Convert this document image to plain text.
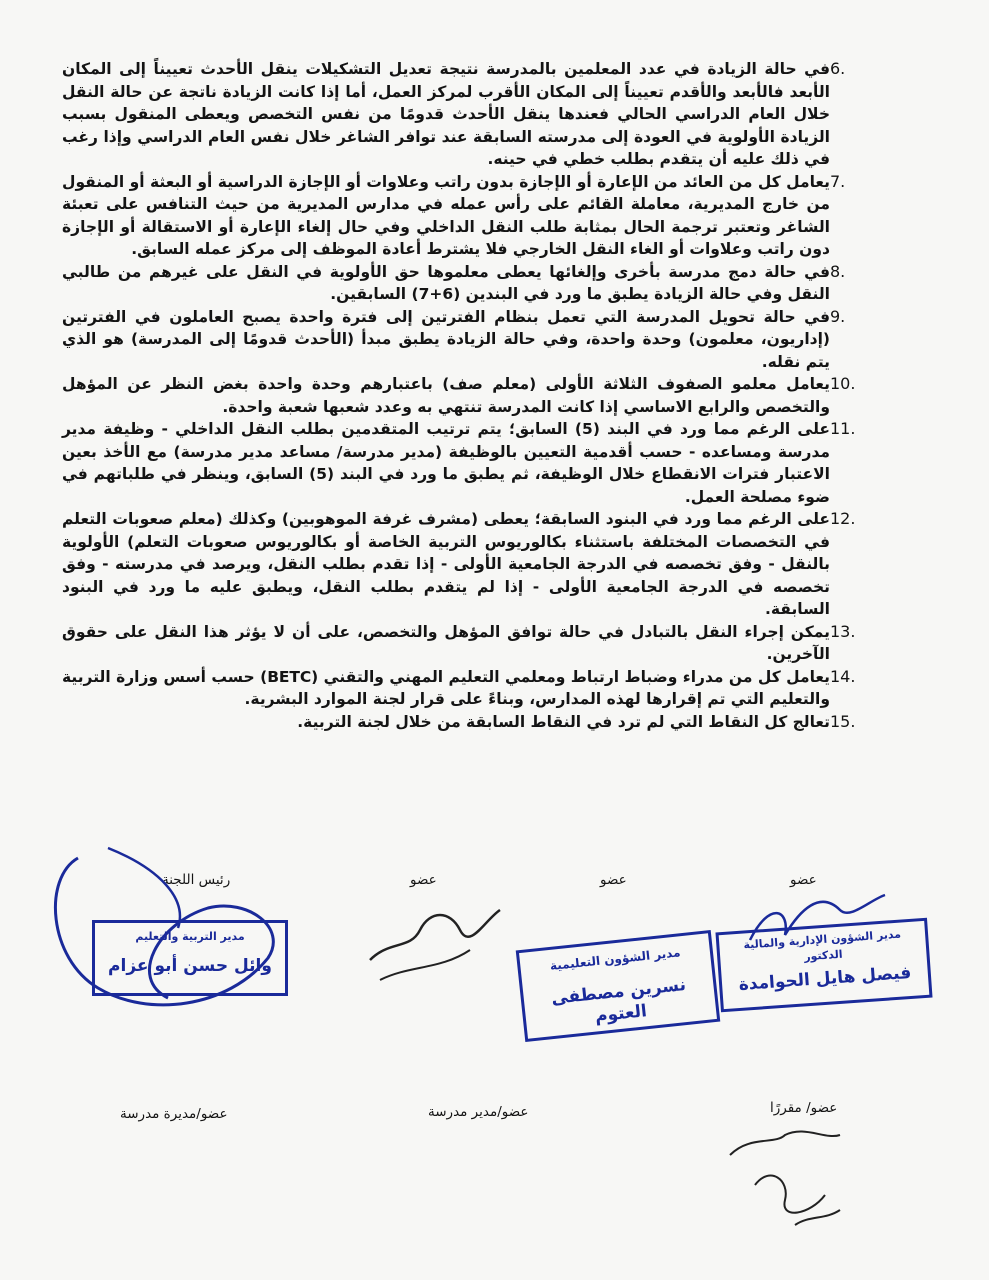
6.
في حالة الزيادة في عدد المعلمين بالمدرسة نتيجة تعديل التشكيلات ينقل الأحدث تعييناً إلى المكان الأبعد فالأبعد والأقدم تعييناً إلى المكان الأقرب لمركز العمل، أما إذا كانت الزيادة ناتجة عن حالة النقل خلال العام الدراسي الحالي فعندها ينقل الأحدث قدومًا من نفس التخصص ويعطى المنقول بسبب الزيادة الأولوية في العودة إلى مدرسته السابقة عند توافر الشاغر خلال نفس العام الدراسي وإذا رغب في ذلك عليه أن يتقدم بطلب خطي في حينه.
7.
يعامل كل من العائد من الإعارة أو الإجازة بدون راتب وعلاوات أو الإجازة الدراسية أو البعثة أو المنقول من خارج المديرية، معاملة القائم على رأس عمله في مدارس المديرية من حيث التنافس على تعبئة الشاغر وتعتبر ترجمة الحال بمثابة طلب النقل الداخلي وفي حال إلغاء الإعارة أو الاستقالة أو الإجازة دون راتب وعلاوات أو الغاء النقل الخارجي فلا يشترط أعادة الموظف إلى مركز عمله السابق.
8.
في حالة دمج مدرسة بأخرى وإلغائها يعطى معلموها حق الأولوية في النقل على غيرهم من طالبي النقل وفي حالة الزيادة يطبق ما ورد في البندين (6+7) السابقين.
9.
في حالة تحويل المدرسة التي تعمل بنظام الفترتين إلى فترة واحدة يصبح العاملون في الفترتين (إداريون، معلمون) وحدة واحدة، وفي حالة الزيادة يطبق مبدأ (الأحدث قدومًا إلى المدرسة) هو الذي يتم نقله.
10.
يعامل معلمو الصفوف الثلاثة الأولى (معلم صف) باعتبارهم وحدة واحدة بغض النظر عن المؤهل والتخصص والرابع الاساسي إذا كانت المدرسة تنتهي به وعدد شعبها شعبة واحدة.
11.
على الرغم مما ورد في البند (5) السابق؛ يتم ترتيب المتقدمين بطلب النقل الداخلي - وظيفة مدير مدرسة ومساعده - حسب أقدمية التعيين بالوظيفة (مدير مدرسة/ مساعد مدير مدرسة) مع الأخذ بعين الاعتبار فترات الانقطاع خلال الوظيفة، ثم يطبق ما ورد في البند (5) السابق، وينظر في طلباتهم في ضوء مصلحة العمل.
12.
على الرغم مما ورد في البنود السابقة؛ يعطى (مشرف غرفة الموهوبين) وكذلك (معلم صعوبات التعلم في التخصصات المختلفة باستثناء بكالوريوس التربية الخاصة أو بكالوريوس صعوبات التعلم) الأولوية بالنقل - وفق تخصصه في الدرجة الجامعية الأولى - إذا تقدم بطلب النقل، ويرصد في مدرسته - وفق تخصصه في الدرجة الجامعية الأولى - إذا لم يتقدم بطلب النقل، ويطبق عليه ما ورد في البنود السابقة.
13.
يمكن إجراء النقل بالتبادل في حالة توافق المؤهل والتخصص، على أن لا يؤثر هذا النقل على حقوق الآخرين.
14.
يعامل كل من مدراء وضباط ارتباط ومعلمي التعليم المهني والتقني (BETC) حسب أسس وزارة التربية والتعليم التي تم إقرارها لهذه المدارس، وبناءً على قرار لجنة الموارد البشرية.
15.
تعالج كل النقاط التي لم ترد في النقاط السابقة من خلال لجنة التربية.
رئيس اللجنة	عضو	عضو	عضو
عضو/مديرة مدرسة	عضو/مدير مدرسة	عضو/ مقررًا
مدير التربية والتعليم
وائل حسن أبو عزام	مدير الشؤون التعليمية
نسرين مصطفى العتوم
مدير الشؤون الإدارية والمالية
الدكتور
فيصل هايل الحوامدة
